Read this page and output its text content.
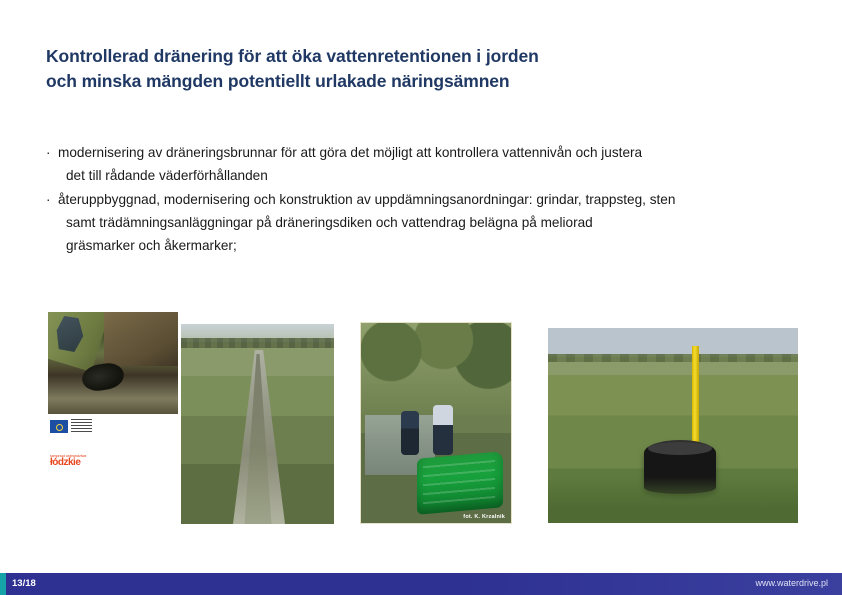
Kontrollerad dränering för att öka vattenretentionen i jorden
och minska mängden potentiellt urlakade näringsämnen
· modernisering av dräneringsbrunnar för att göra det möjligt att kontrollera vattennivån och justera
det till rådande väderförhållanden
· återuppbyggnad, modernisering och konstruktion av uppdämningsanordningar: grindar, trappsteg, sten
samt trädämningsanläggningar på dräneringsdiken och vattendrag belägna på meliorad
gräsmarker och åkermarker;
samorząd województwa
łódzkie
fot. K. Krzalnik
13/18	www.waterdrive.pl
